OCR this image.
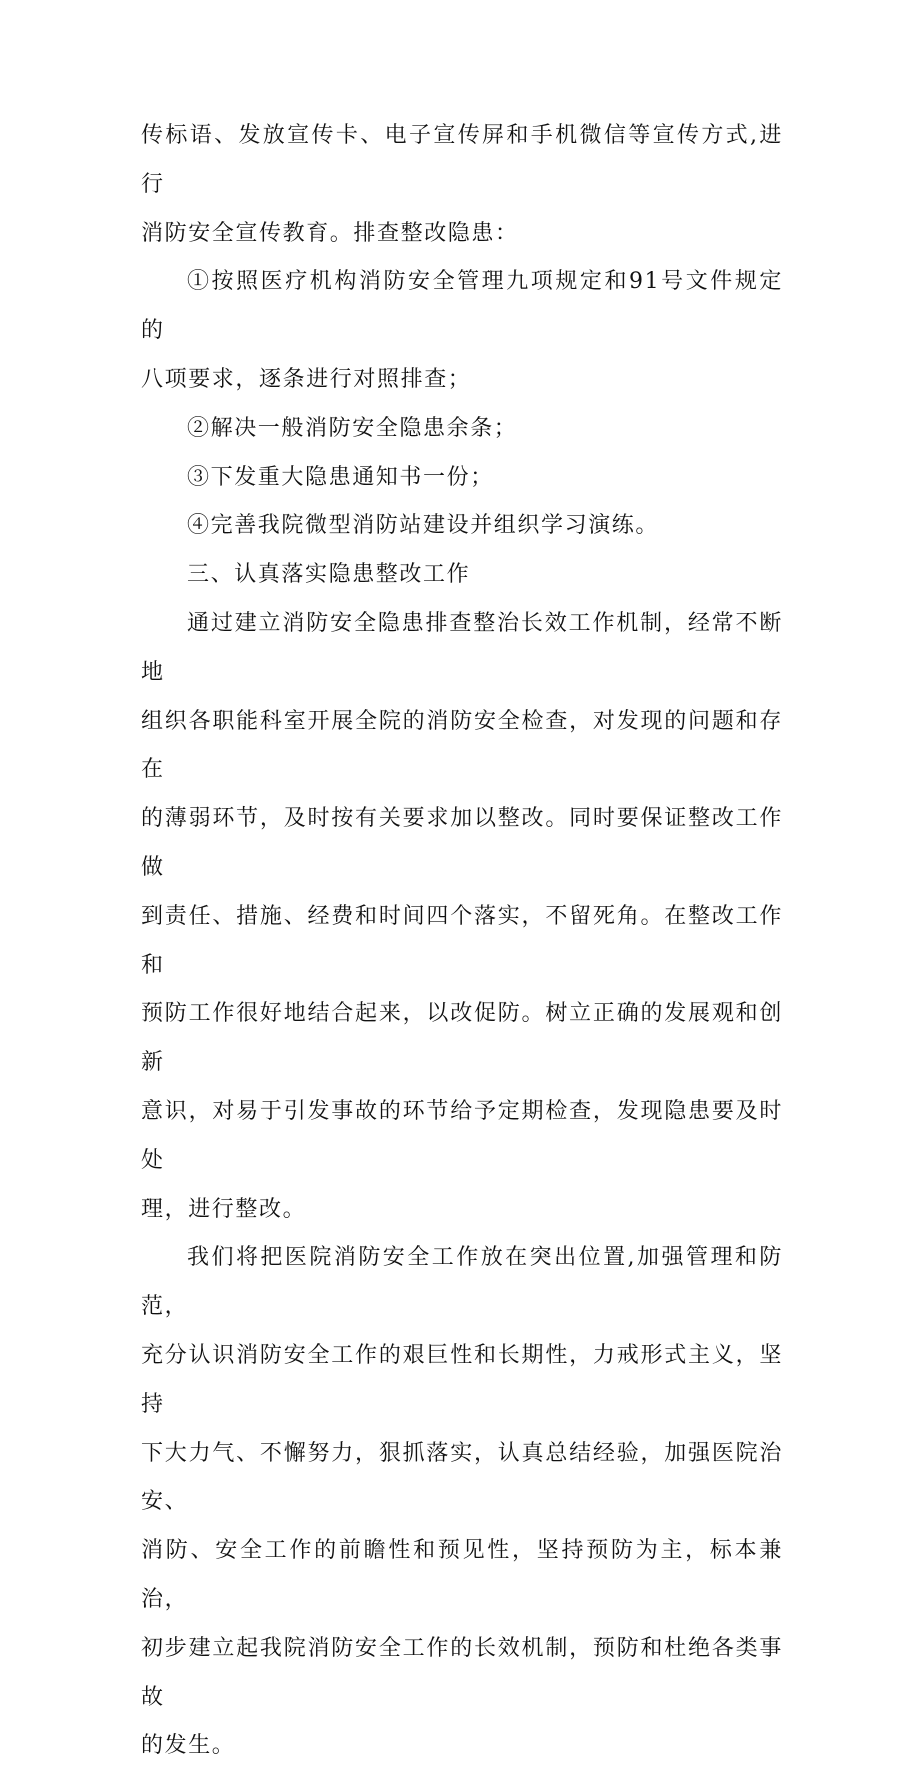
传标语、发放宣传卡、电子宣传屏和手机微信等宣传方式,进行
消防安全宣传教育。排查整改隐患：

①按照医疗机构消防安全管理九项规定和91号文件规定的
八项要求，逐条进行对照排查；

②解决一般消防安全隐患余条；

③下发重大隐患通知书一份；

④完善我院微型消防站建设并组织学习演练。

三、认真落实隐患整改工作

通过建立消防安全隐患排查整治长效工作机制，经常不断地
组织各职能科室开展全院的消防安全检查，对发现的问题和存在
的薄弱环节，及时按有关要求加以整改。同时要保证整改工作做
到责任、措施、经费和时间四个落实，不留死角。在整改工作和
预防工作很好地结合起来，以改促防。树立正确的发展观和创新
意识，对易于引发事故的环节给予定期检查，发现隐患要及时处
理，进行整改。

我们将把医院消防安全工作放在突出位置,加强管理和防范，
充分认识消防安全工作的艰巨性和长期性，力戒形式主义，坚持
下大力气、不懈努力，狠抓落实，认真总结经验，加强医院治安、
消防、安全工作的前瞻性和预见性，坚持预防为主，标本兼治，
初步建立起我院消防安全工作的长效机制，预防和杜绝各类事故
的发生。
